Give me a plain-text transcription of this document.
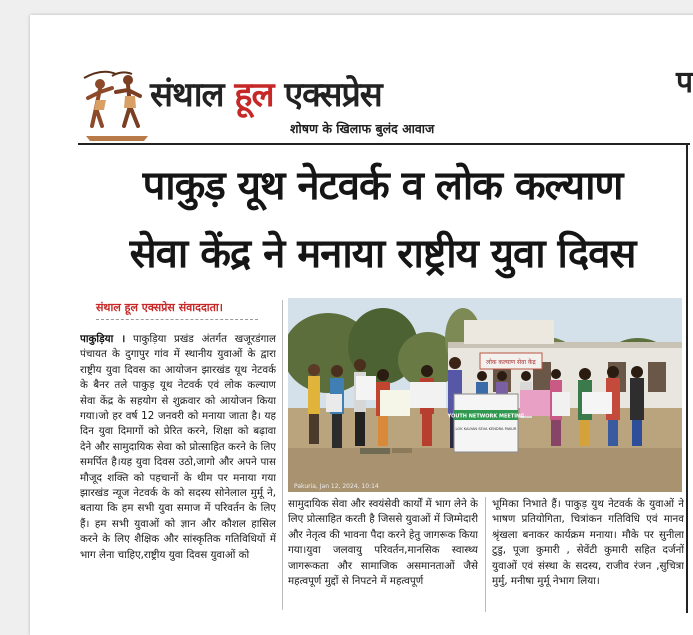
प
संथाल हूल एक्सप्रेस
शोषण के खिलाफ बुलंद आवाज
पाकुड़ यूथ नेटवर्क व लोक कल्याण
सेवा केंद्र ने मनाया राष्ट्रीय युवा दिवस
संथाल हूल एक्सप्रेस संवाददाता।
पाकुड़िया । पाकुड़िया प्रखंड अंतर्गत खजूरडंगाल पंचायत के दुगापुर गांव में स्थानीय युवाओं के द्वारा राष्ट्रीय युवा दिवस का आयोजन झारखंड यूथ नेटवर्क के बैनर तले पाकुड़ यूथ नेटवर्क एवं लोक कल्याण सेवा केंद्र के सहयोग से शुक्रवार को आयोजन किया गया।जो हर वर्ष 12 जनवरी को मनाया जाता है। यह दिन युवा दिमागों को प्रेरित करने, शिक्षा को बढ़ावा देने और सामुदायिक सेवा को प्रोत्साहित करने के लिए समर्पित है।यह युवा दिवस उठो,जागो और अपने पास मौजूद शक्ति को पहचानों के थीम पर मनाया गया झारखंड न्यूज नेटवर्क के को सदस्य सोनेलाल मुर्मू ने, बताया कि हम सभी युवा समाज में परिवर्तन के लिए हैं। हम सभी युवाओं को ज्ञान और कौशल हासिल करने के लिए शैक्षिक और सांस्कृतिक गतिविधियों में भाग लेना चाहिए,राष्ट्रीय युवा दिवस युवाओं को
लोक कल्याण सेवा केंद्र
YOUTH NETWORK MEETING
LOK KALYAN SEVA KENDRA PAKUR
Pakuria, Jan 12, 2024, 10:14
सामुदायिक सेवा और स्वयंसेवी कार्यों में भाग लेने के लिए प्रोत्साहित करती है जिससे युवाओं में जिम्मेदारी और नेतृत्व की भावना पैदा करने हेतु जागरूक किया गया।युवा जलवायु परिवर्तन,मानसिक स्वास्थ्य जागरूकता और सामाजिक असमानताओं जैसे महत्वपूर्ण मुद्दों से निपटने में महत्वपूर्ण
भूमिका निभाते हैं। पाकुड़ युथ नेटवर्क के युवाओं ने भाषण प्रतियोगिता, चित्रांकन गतिविधि एवं मानव श्रृंखला बनाकर कार्यक्रम मनाया। मौके पर सुनीला टुडु, पूजा कुमारी , सेवेंटी कुमारी सहित दर्जनों युवाओं एवं संस्था के सदस्य, राजीव रंजन ,सुचित्रा मुर्मु, मनीषा मुर्मू नेभाग लिया।
